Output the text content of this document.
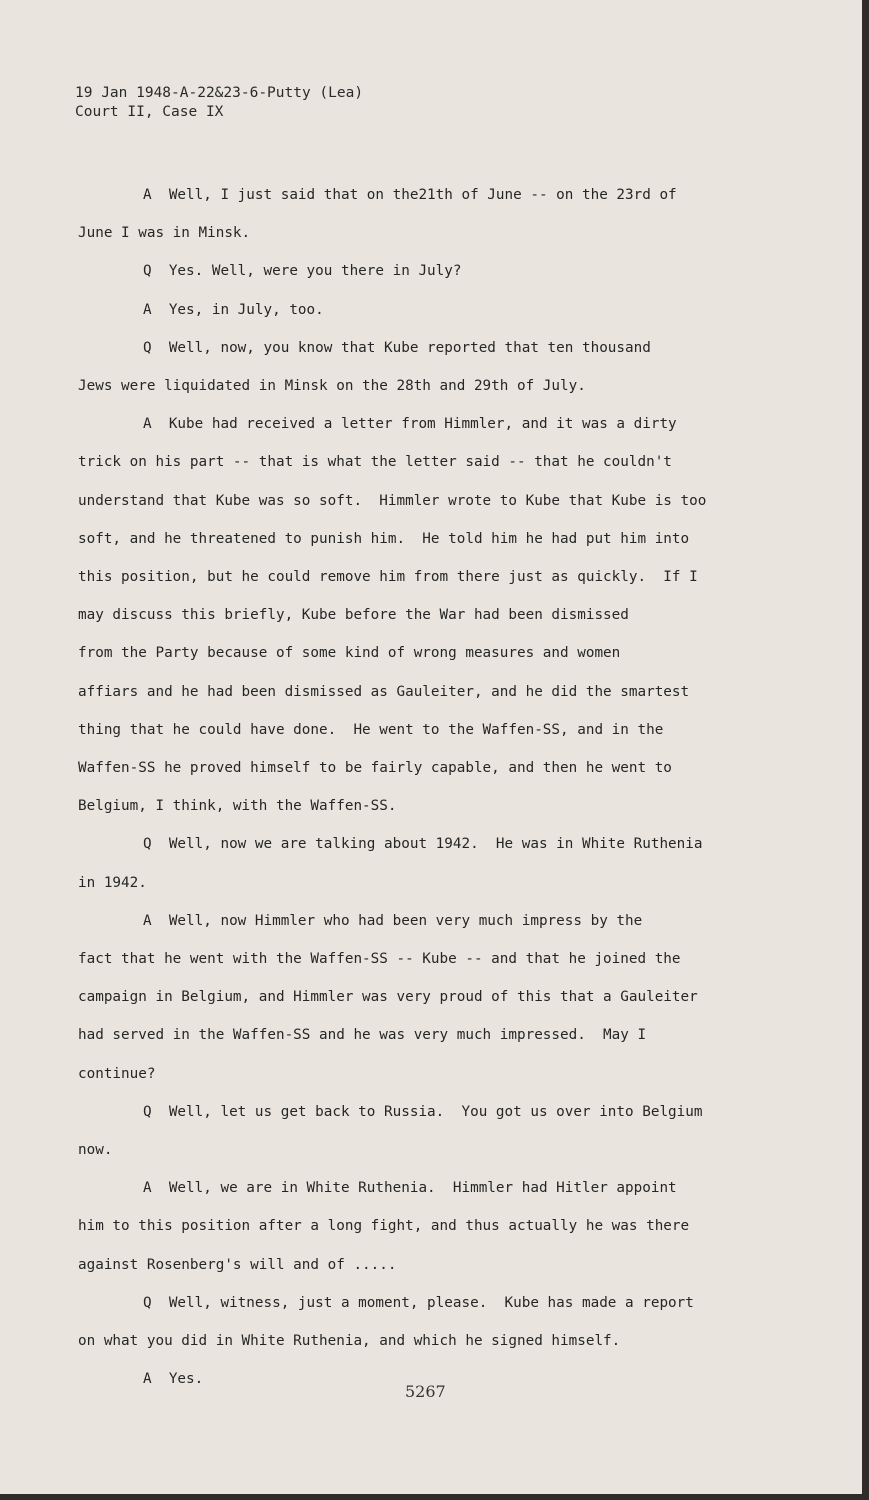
19 Jan 1948-A-22&23-6-Putty (Lea)
Court II, Case IX

A  Well, I just said that on the21th of June -- on the 23rd of
June I was in Minsk.

Q  Yes. Well, were you there in July?

A  Yes, in July, too.

Q  Well, now, you know that Kube reported that ten thousand
Jews were liquidated in Minsk on the 28th and 29th of July.

A  Kube had received a letter from Himmler, and it was a dirty
trick on his part -- that is what the letter said -- that he couldn't
understand that Kube was so soft.  Himmler wrote to Kube that Kube is too
soft, and he threatened to punish him.  He told him he had put him into
this position, but he could remove him from there just as quickly.  If I
may discuss this briefly, Kube before the War had been dismissed
from the Party because of some kind of wrong measures and women
affiars and he had been dismissed as Gauleiter, and he did the smartest
thing that he could have done.  He went to the Waffen-SS, and in the
Waffen-SS he proved himself to be fairly capable, and then he went to
Belgium, I think, with the Waffen-SS.

Q  Well, now we are talking about 1942.  He was in White Ruthenia
in 1942.

A  Well, now Himmler who had been very much impress by the
fact that he went with the Waffen-SS -- Kube -- and that he joined the
campaign in Belgium, and Himmler was very proud of this that a Gauleiter
had served in the Waffen-SS and he was very much impressed.  May I
continue?

Q  Well, let us get back to Russia.  You got us over into Belgium
now.

A  Well, we are in White Ruthenia.  Himmler had Hitler appoint
him to this position after a long fight, and thus actually he was there
against Rosenberg's will and of .....

Q  Well, witness, just a moment, please.  Kube has made a report
on what you did in White Ruthenia, and which he signed himself.

A  Yes.

5267
